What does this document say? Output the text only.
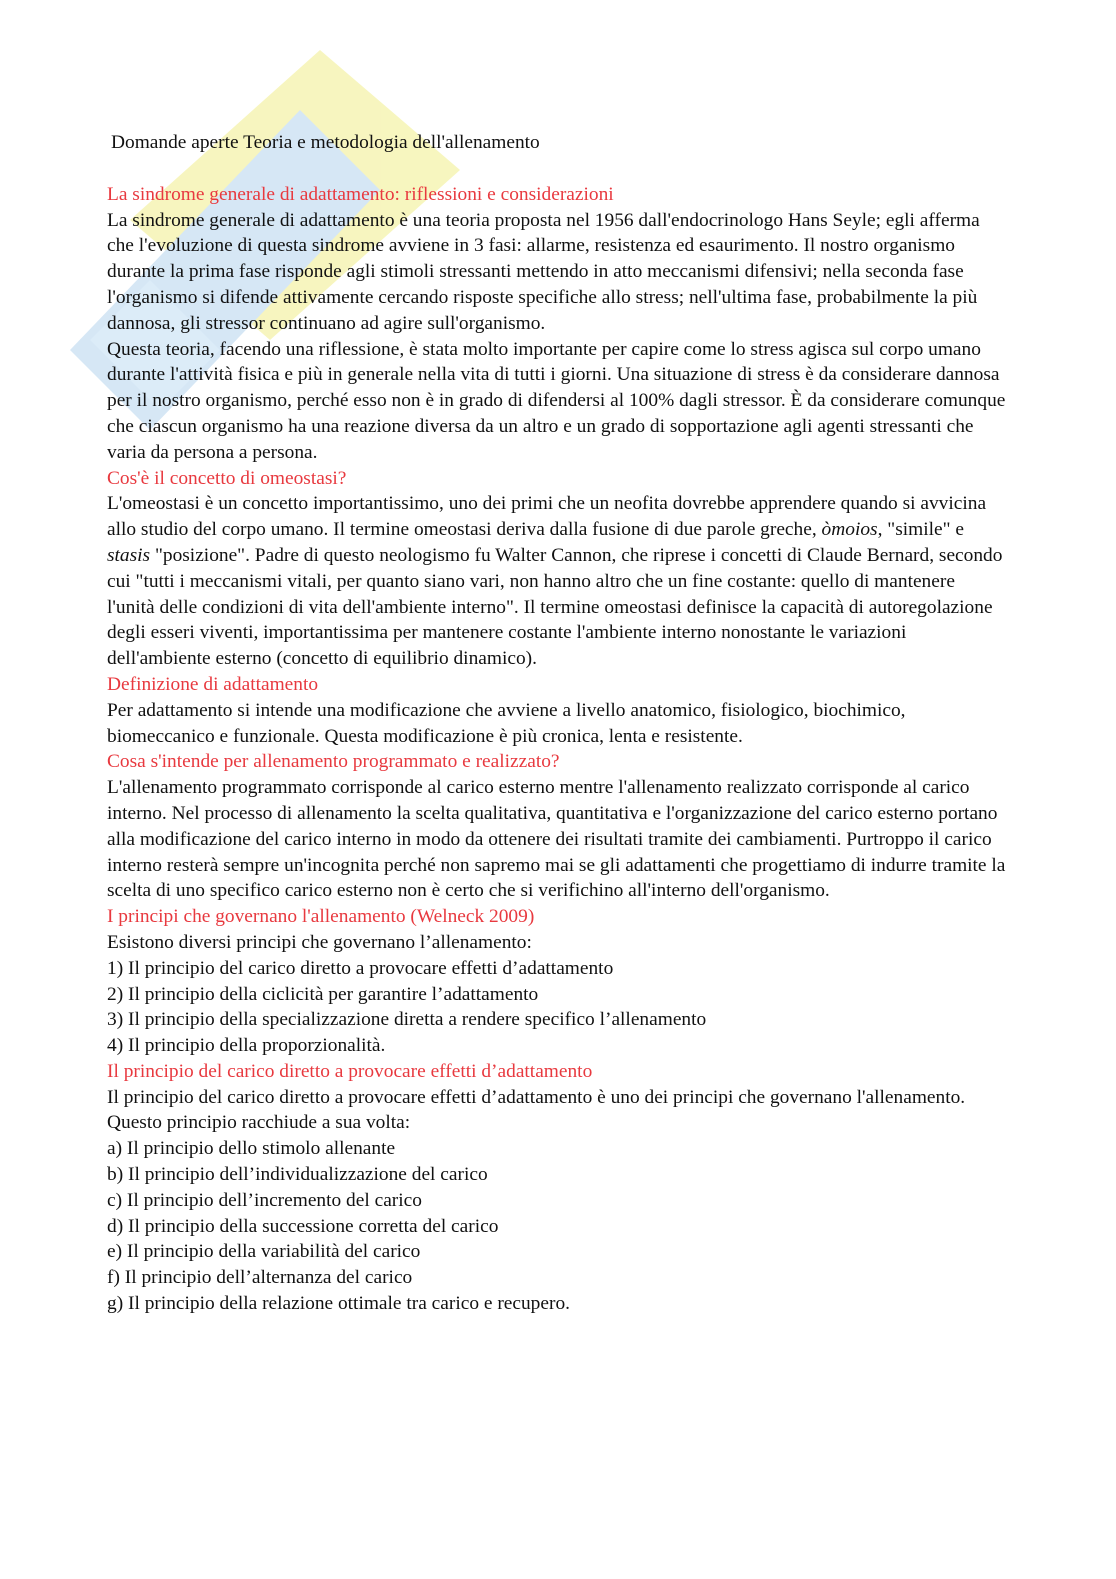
Domande aperte Teoria e metodologia dell'allenamento
La sindrome generale di adattamento: riflessioni e considerazioni

La sindrome generale di adattamento è una teoria proposta nel 1956 dall'endocrinologo Hans Seyle; egli afferma che l'evoluzione di questa sindrome avviene in 3 fasi: allarme, resistenza ed esaurimento. Il nostro organismo durante la prima fase risponde agli stimoli stressanti mettendo in atto meccanismi difensivi; nella seconda fase l'organismo si difende attivamente cercando risposte specifiche allo stress; nell'ultima fase, probabilmente la più dannosa, gli stressor continuano ad agire sull'organismo.

Questa teoria, facendo una riflessione, è stata molto importante per capire come lo stress agisca sul corpo umano durante l'attività fisica e più in generale nella vita di tutti i giorni. Una situazione di stress è da considerare dannosa per il nostro organismo, perché esso non è in grado di difendersi al 100% dagli stressor. È da considerare comunque che ciascun organismo ha una reazione diversa da un altro e un grado di sopportazione agli agenti stressanti che varia da persona a persona.

Cos'è il concetto di omeostasi?

L'omeostasi è un concetto importantissimo, uno dei primi che un neofita dovrebbe apprendere quando si avvicina allo studio del corpo umano. Il termine omeostasi deriva dalla fusione di due parole greche, òmoios, "simile" e stasis "posizione". Padre di questo neologismo fu Walter Cannon, che riprese i concetti di Claude Bernard, secondo cui "tutti i meccanismi vitali, per quanto siano vari, non hanno altro che un fine costante: quello di mantenere l'unità delle condizioni di vita dell'ambiente interno". Il termine omeostasi definisce la capacità di autoregolazione degli esseri viventi, importantissima per mantenere costante l'ambiente interno nonostante le variazioni dell'ambiente esterno (concetto di equilibrio dinamico).

Definizione di adattamento

Per adattamento si intende una modificazione che avviene a livello anatomico, fisiologico, biochimico, biomeccanico e funzionale. Questa modificazione è più cronica, lenta e resistente.

Cosa s'intende per allenamento programmato e realizzato?

L'allenamento programmato corrisponde al carico esterno mentre l'allenamento realizzato corrisponde al carico interno. Nel processo di allenamento la scelta qualitativa, quantitativa e l'organizzazione del carico esterno portano alla modificazione del carico interno in modo da ottenere dei risultati tramite dei cambiamenti. Purtroppo il carico interno resterà sempre un'incognita perché non sapremo mai se gli adattamenti che progettiamo di indurre tramite la scelta di uno specifico carico esterno non è certo che si verifichino all'interno dell'organismo.

I principi che governano l'allenamento (Welneck 2009)

Esistono diversi principi che governano l’allenamento:

1) Il principio del carico diretto a provocare effetti d’adattamento
2) Il principio della ciclicità per garantire l’adattamento
3) Il principio della specializzazione diretta a rendere specifico l’allenamento
4) Il principio della proporzionalità.
Il principio del carico diretto a provocare effetti d’adattamento

Il principio del carico diretto a provocare effetti d’adattamento è uno dei principi che governano l'allenamento.

Questo principio racchiude a sua volta:

a) Il principio dello stimolo allenante
b) Il principio dell’individualizzazione del carico
c) Il principio dell’incremento del carico
d) Il principio della successione corretta del carico
e) Il principio della variabilità del carico
f) Il principio dell’alternanza del carico
g) Il principio della relazione ottimale tra carico e recupero.
